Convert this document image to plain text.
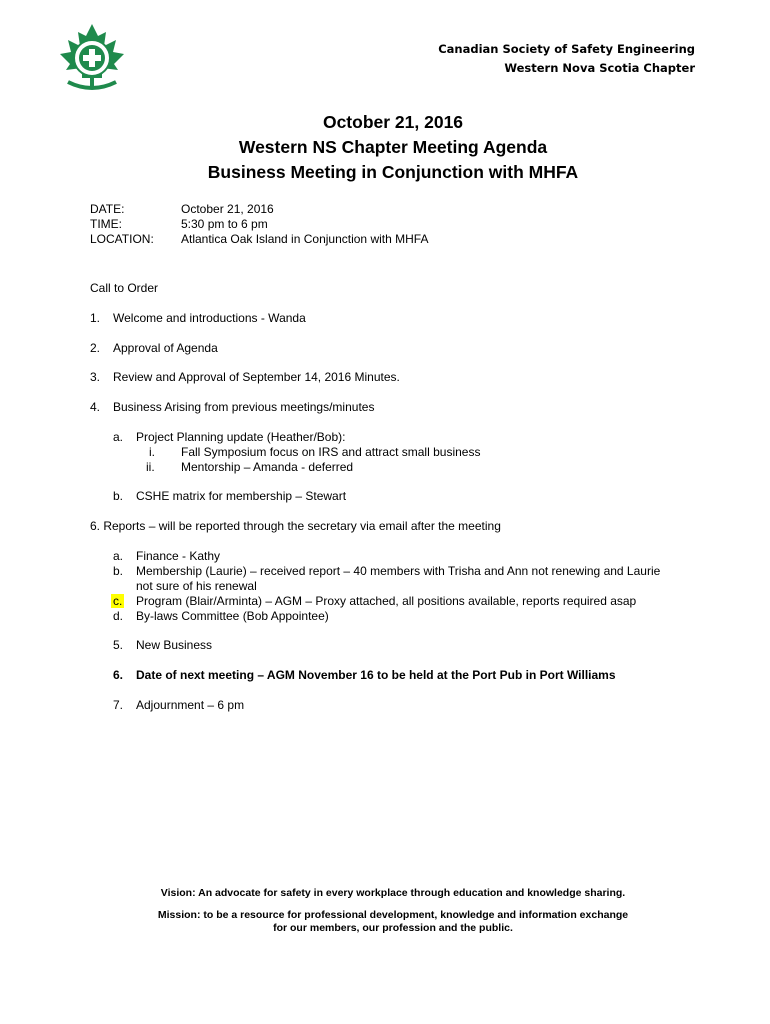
Canadian Society of Safety Engineering
Western Nova Scotia Chapter
October 21, 2016
Western NS Chapter Meeting Agenda
Business Meeting in Conjunction with MHFA
DATE:	October 21, 2016
TIME:	5:30 pm to 6 pm
LOCATION: Atlantica Oak Island in Conjunction with MHFA
Call to Order
1. Welcome and introductions - Wanda
2. Approval of Agenda
3. Review and Approval of September 14, 2016 Minutes.
4. Business Arising from previous meetings/minutes
a. Project Planning update (Heather/Bob):
i. Fall Symposium focus on IRS and attract small business
ii. Mentorship – Amanda - deferred
b. CSHE matrix for membership – Stewart
6. Reports – will be reported through the secretary via email after the meeting
a. Finance - Kathy
b. Membership (Laurie) – received report – 40 members with Trisha and Ann not renewing and Laurie
not sure of his renewal
c. Program (Blair/Arminta) – AGM – Proxy attached, all positions available, reports required asap
d. By-laws Committee (Bob Appointee)
5. New Business
6. Date of next meeting – AGM November 16 to be held at the Port Pub in Port Williams
7. Adjournment – 6 pm
Vision: An advocate for safety in every workplace through education and knowledge sharing.
Mission: to be a resource for professional development, knowledge and information exchange
for our members, our profession and the public.
